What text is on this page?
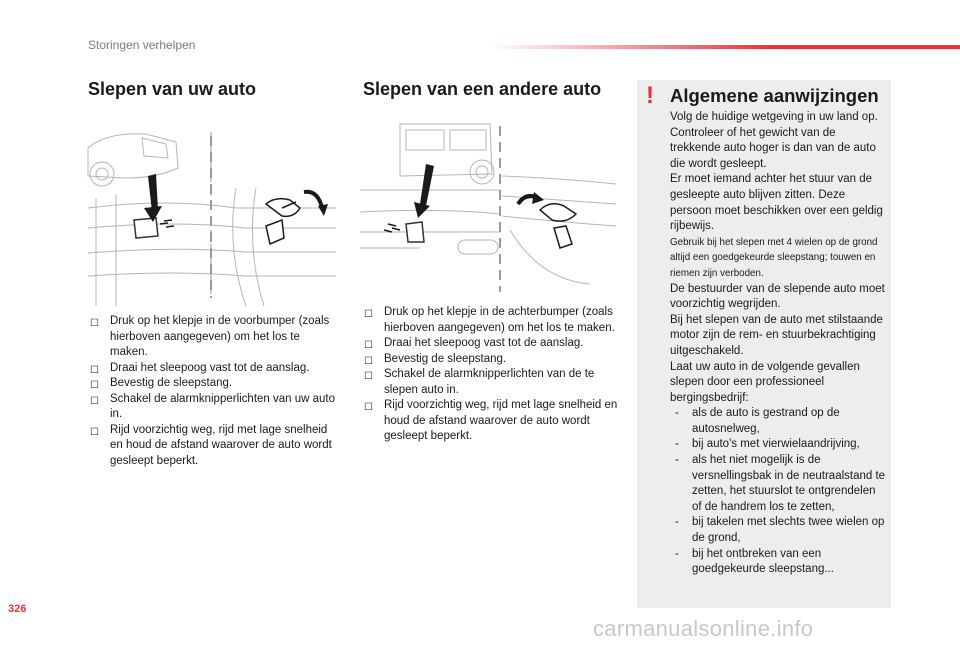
Storingen verhelpen
Slepen van uw auto
☐ Druk op het klepje in de voorbumper (zoals hierboven aangegeven) om het los te maken.
☐ Draai het sleepoog vast tot de aanslag.
☐ Bevestig de sleepstang.
☐ Schakel de alarmknipperlichten van uw auto in.
☐ Rijd voorzichtig weg, rijd met lage snelheid en houd de afstand waarover de auto wordt gesleept beperkt.
Slepen van een andere auto
☐ Druk op het klepje in de achterbumper (zoals hierboven aangegeven) om het los te maken.
☐ Draai het sleepoog vast tot de aanslag.
☐ Bevestig de sleepstang.
☐ Schakel de alarmknipperlichten van de te slepen auto in.
☐ Rijd voorzichtig weg, rijd met lage snelheid en houd de afstand waarover de auto wordt gesleept beperkt.
! Algemene aanwijzingen

Volg de huidige wetgeving in uw land op.

Controleer of het gewicht van de trekkende auto hoger is dan van de auto die wordt gesleept.

Er moet iemand achter het stuur van de gesleepte auto blijven zitten. Deze persoon moet beschikken over een geldig rijbewijs.

Gebruik bij het slepen met 4 wielen op de grond altijd een goedgekeurde sleepstang; touwen en riemen zijn verboden.

De bestuurder van de slepende auto moet voorzichtig wegrijden.

Bij het slepen van de auto met stilstaande motor zijn de rem- en stuurbekrachtiging uitgeschakeld.

Laat uw auto in de volgende gevallen slepen door een professioneel bergingsbedrijf:

- als de auto is gestrand op de autosnelweg,
- bij auto's met vierwielaandrijving,
- als het niet mogelijk is de versnellingsbak in de neutraalstand te zetten, het stuurslot te ontgrendelen of de handrem los te zetten,
- bij takelen met slechts twee wielen op de grond,
- bij het ontbreken van een goedgekeurde sleepstang...
326
carmanualsonline.info
